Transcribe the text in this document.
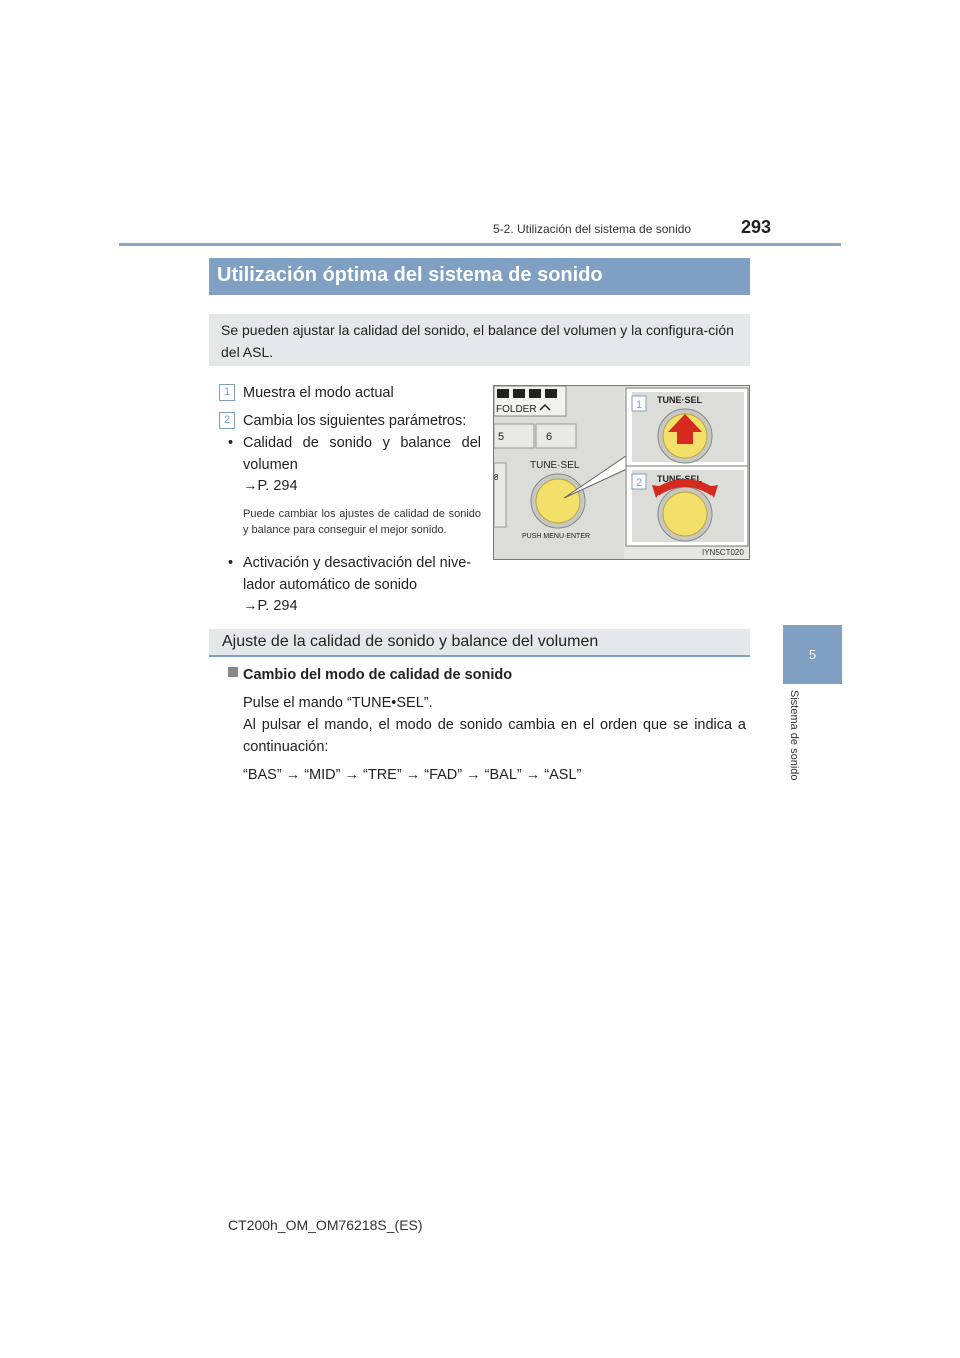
5-2. Utilización del sistema de sonido	293
5
Sistema de sonido
Utilización óptima del sistema de sonido
Se pueden ajustar la calidad del sonido, el balance del volumen y la configura-ción del ASL.
1 Muestra el modo actual
2 Cambia los siguientes parámetros:
• Calidad de sonido y balance del volumen
→P. 294
Puede cambiar los ajustes de calidad de sonido y balance para conseguir el mejor sonido.
• Activación y desactivación del nive-lador automático de sonido
→P. 294
FOLDER
5	6
8
TUNE·SEL
PUSH MENU·ENTER
1 TUNE·SEL
2 TUNE·SEL
IYN5CT020
Ajuste de la calidad de sonido y balance del volumen
Cambio del modo de calidad de sonido
Pulse el mando “TUNE•SEL”.
Al pulsar el mando, el modo de sonido cambia en el orden que se indica a continuación:
“BAS” → “MID” → “TRE” → “FAD” → “BAL” → “ASL”
CT200h_OM_OM76218S_(ES)
